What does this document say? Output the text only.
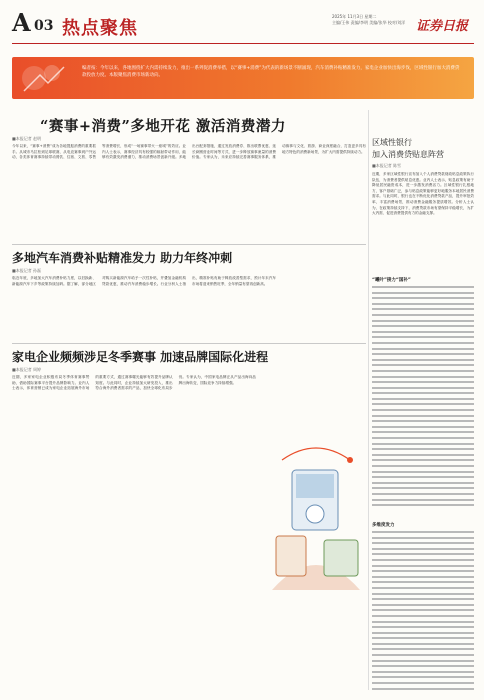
A 03 热点聚焦
2025年 11月3日 星期二
主编/王伟 责编/李明 美编/张华 校对/刘洋 证券日报
编者按：今年以来，各地围绕扩大内需持续发力，推出一系列促消费举措，以“赛事+消费”为代表的新场景不断涌现，汽车消费补贴精准发力，家电企业加快出海步伐，区域性银行加大消费贷款投放力度。本版聚焦消费市场新动向。
“赛事+消费”多地开花 激活消费潜力
■本报记者 赵明
今年以来，“赛事+消费”成为各地提振消费的重要抓手。从城市马拉松到足球联赛，从电竞赛事到户外运动，各类体育赛事持续带动餐饮、住宿、文旅、零售等消费增长，形成“一场赛事带火一座城”的效应。业内人士表示，赛事经济具有较强的辐射带动作用，能够有效激发消费潜力，推动消费场景创新升级。多地出台配套措施，通过发放消费券、推出联票优惠、延长商圈营业时间等方式，进一步释放赛事流量的消费价值。专家认为，未来应持续完善赛事服务体系，推动赛事与文化、旅游、商业深度融合，打造更多具有地方特色的消费新场景，为扩大内需提供持续动力。
多地汽车消费补贴精准发力 助力年终冲刺
■本报记者 孙磊
临近年底，多地加大汽车消费补贴力度，以旧换新、新能源汽车下乡等政策持续加码。据了解，部分地区对购买新能源汽车给予一次性补贴，并叠加金融机构贷款优惠，推动汽车消费稳步增长。行业分析人士指出，精准补贴有助于释放改善型需求，预计年末汽车市场将迎来销售旺季，全年销量有望再创新高。
家电企业频频涉足冬季赛事 加速品牌国际化进程
■本报记者 周婷
近期，多家家电企业积极布局冬季体育赛事赞助，借助国际赛事平台提升品牌影响力。业内人士表示，体育营销已成为家电企业拓展海外市场的重要方式，通过赛事曝光能够有效提升品牌认知度。与此同时，企业持续加大研发投入，推出符合海外消费者需求的产品，加快全球化布局步伐。专家认为，中国家电品牌正从产品出海向品牌出海转变，国际竞争力持续增强。
区域性银行
加入消费贷贴息阵营
■本报记者 陈雪
近期，多家区域性银行宣布加入个人消费贷款财政贴息政策执行队伍，为消费者提供贴息优惠。业内人士表示，贴息政策有助于降低居民融资成本，进一步激发消费活力。区域性银行扎根地方，客户基础广泛，参与贴息政策能够更好地服务本地居民消费需求。与此同时，银行也在不断优化消费贷款产品，提升审批效率，丰富消费场景，推动消费金融服务提质增效。分析人士认为，在政策持续支持下，消费贷款市场有望保持平稳增长，为扩大内需、促进消费提供有力的金融支撑。
“曦叶”接力“国补”
多维度发力
